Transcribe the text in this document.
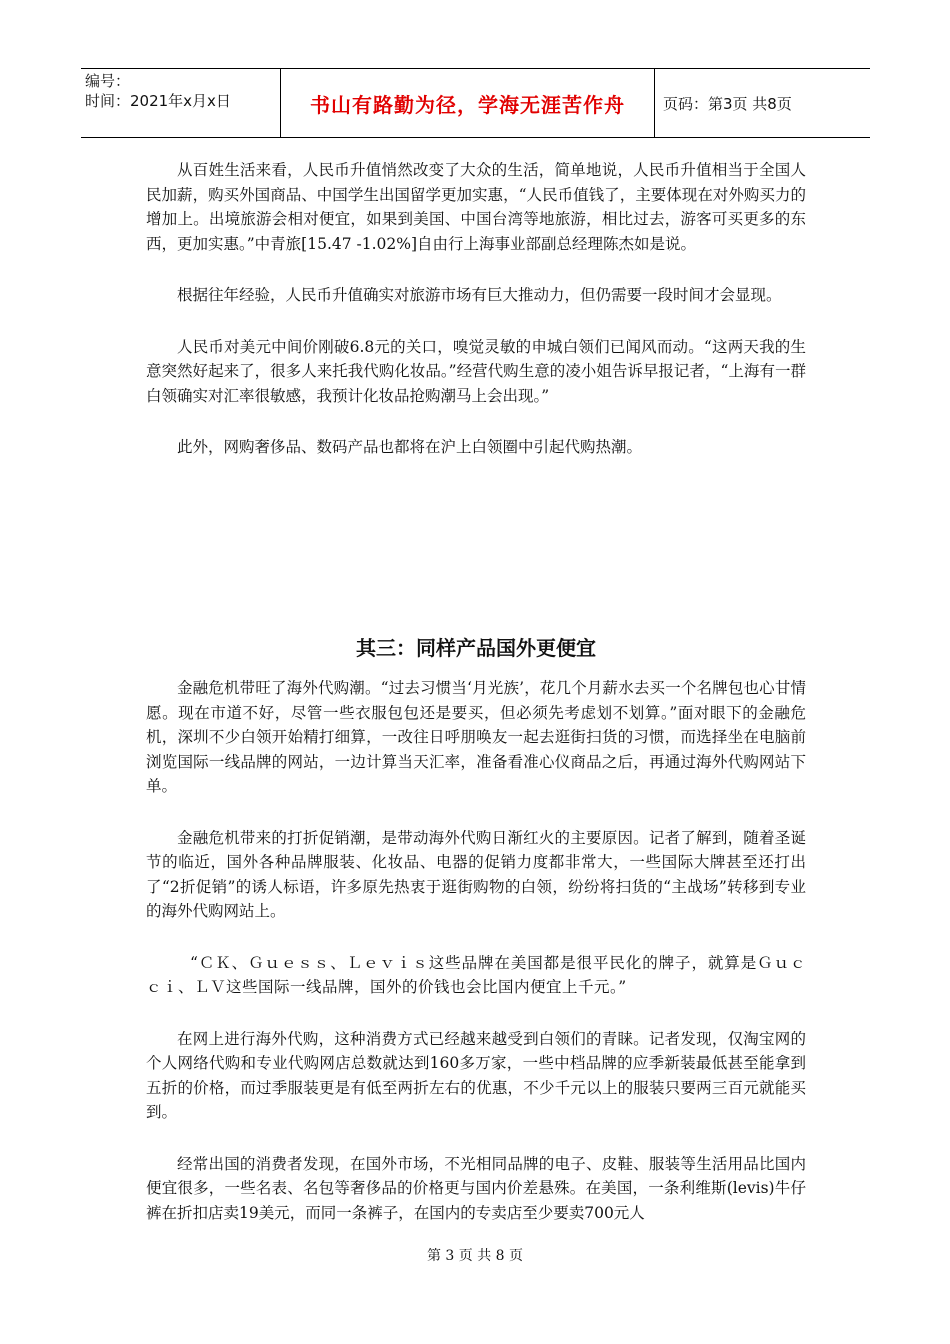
编号：
时间：2021年x月x日	书山有路勤为径，学海无涯苦作舟	页码：第3页 共8页

从百姓生活来看，人民币升值悄然改变了大众的生活，简单地说，人民币升值相当于全国人民加薪，购买外国商品、中国学生出国留学更加实惠，“人民币值钱了，主要体现在对外购买力的增加上。出境旅游会相对便宜，如果到美国、中国台湾等地旅游，相比过去，游客可买更多的东西，更加实惠。”中青旅[15.47 -1.02%]自由行上海事业部副总经理陈杰如是说。

根据往年经验，人民币升值确实对旅游市场有巨大推动力，但仍需要一段时间才会显现。

人民币对美元中间价刚破6.8元的关口，嗅觉灵敏的申城白领们已闻风而动。“这两天我的生意突然好起来了，很多人来托我代购化妆品。”经营代购生意的凌小姐告诉早报记者，“上海有一群白领确实对汇率很敏感，我预计化妆品抢购潮马上会出现。”

此外，网购奢侈品、数码产品也都将在沪上白领圈中引起代购热潮。

其三：同样产品国外更便宜

金融危机带旺了海外代购潮。“过去习惯当‘月光族’，花几个月薪水去买一个名牌包也心甘情愿。现在市道不好，尽管一些衣服包包还是要买，但必须先考虑划不划算。”面对眼下的金融危机，深圳不少白领开始精打细算，一改往日呼朋唤友一起去逛街扫货的习惯，而选择坐在电脑前浏览国际一线品牌的网站，一边计算当天汇率，准备看准心仪商品之后，再通过海外代购网站下单。

金融危机带来的打折促销潮，是带动海外代购日渐红火的主要原因。记者了解到，随着圣诞节的临近，国外各种品牌服装、化妆品、电器的促销力度都非常大，一些国际大牌甚至还打出了“2折促销”的诱人标语，许多原先热衷于逛街购物的白领，纷纷将扫货的“主战场”转移到专业的海外代购网站上。

“ＣＫ、Ｇｕｅｓｓ、Ｌｅｖｉｓ这些品牌在美国都是很平民化的牌子，就算是Ｇｕｃｃｉ、ＬＶ这些国际一线品牌，国外的价钱也会比国内便宜上千元。”

在网上进行海外代购，这种消费方式已经越来越受到白领们的青睐。记者发现，仅淘宝网的个人网络代购和专业代购网店总数就达到160多万家，一些中档品牌的应季新装最低甚至能拿到五折的价格，而过季服装更是有低至两折左右的优惠，不少千元以上的服装只要两三百元就能买到。

经常出国的消费者发现，在国外市场，不光相同品牌的电子、皮鞋、服装等生活用品比国内便宜很多，一些名表、名包等奢侈品的价格更与国内价差悬殊。在美国，一条利维斯(levis)牛仔裤在折扣店卖19美元，而同一条裤子，在国内的专卖店至少要卖700元人

第 3 页 共 8 页
